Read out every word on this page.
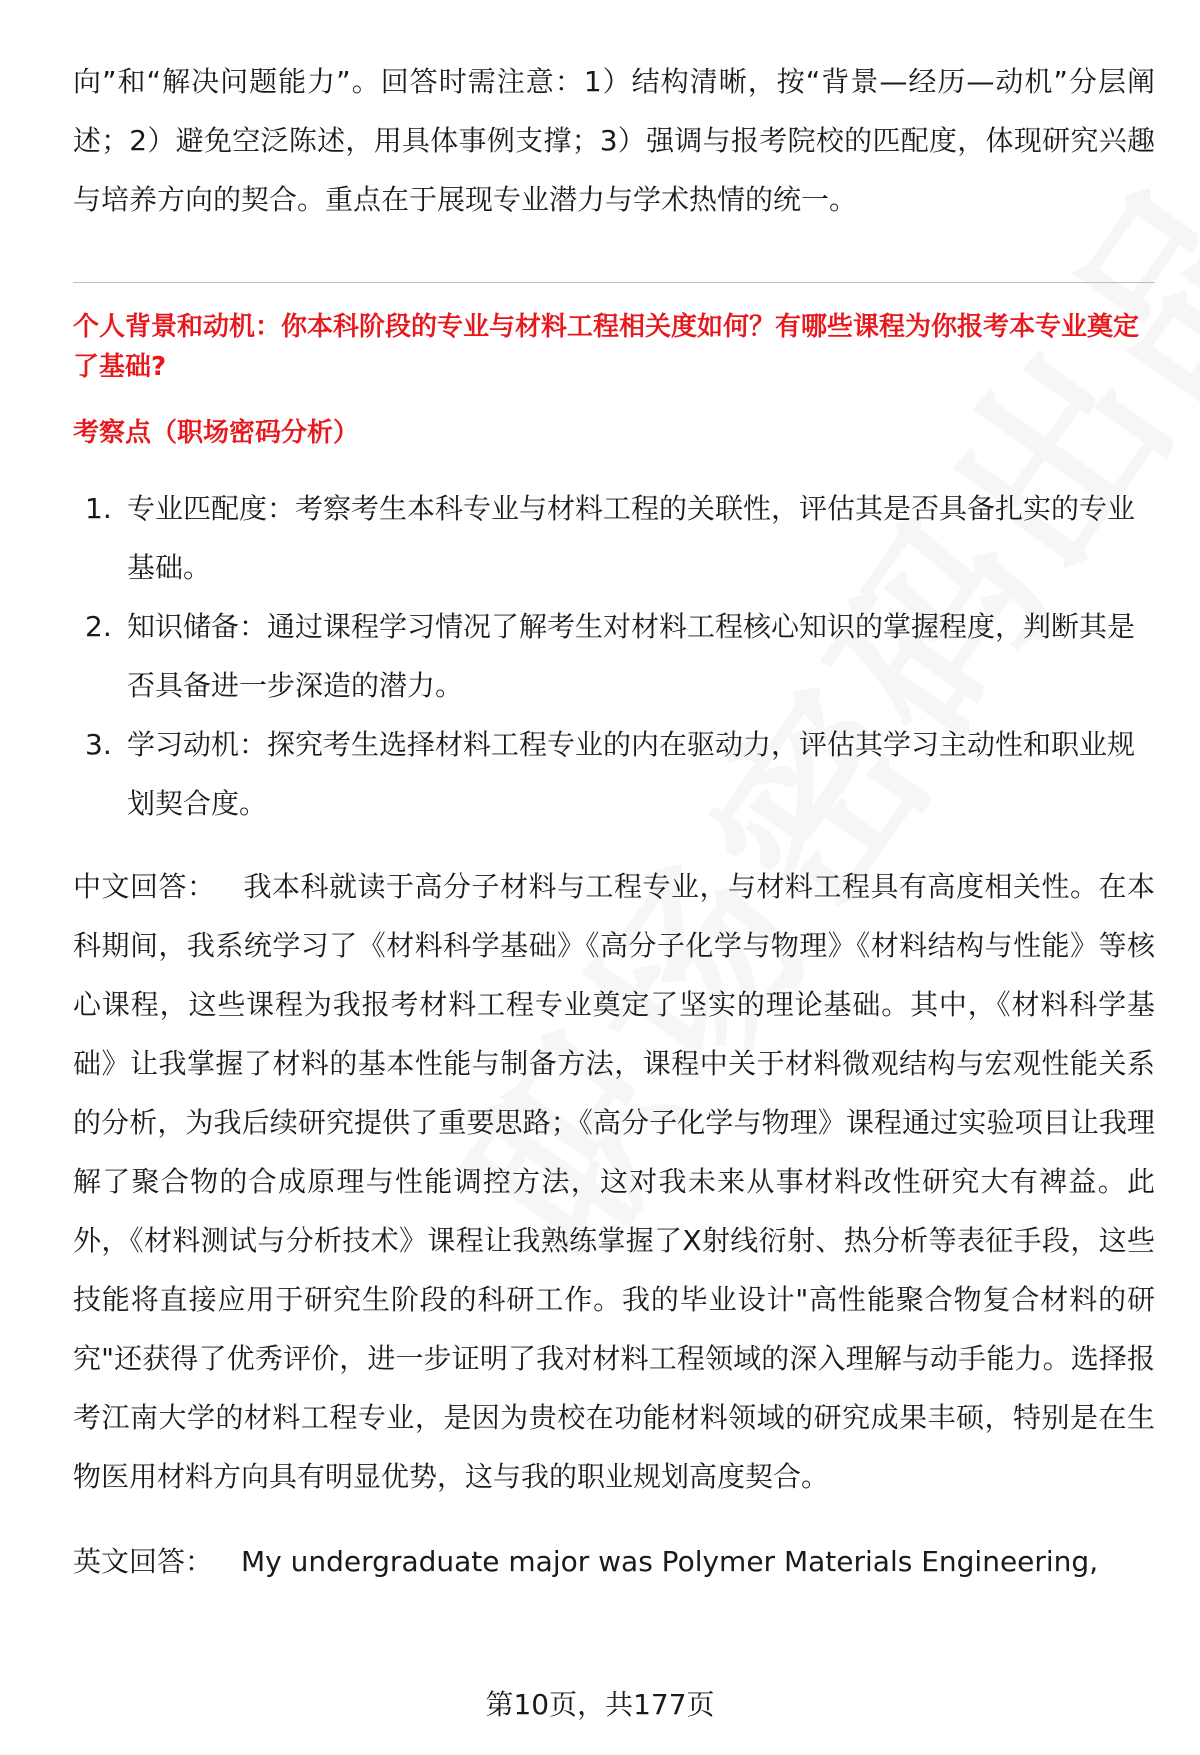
向”和“解决问题能力”。回答时需注意：1）结构清晰，按“背景—经历—动机”分层阐述；2）避免空泛陈述，用具体事例支撑；3）强调与报考院校的匹配度，体现研究兴趣与培养方向的契合。重点在于展现专业潜力与学术热情的统一。

个人背景和动机：你本科阶段的专业与材料工程相关度如何？有哪些课程为你报考本专业奠定了基础?

考察点（职场密码分析）

1. 专业匹配度：考察考生本科专业与材料工程的关联性，评估其是否具备扎实的专业基础。
2. 知识储备：通过课程学习情况了解考生对材料工程核心知识的掌握程度，判断其是否具备进一步深造的潜力。
3. 学习动机：探究考生选择材料工程专业的内在驱动力，评估其学习主动性和职业规划契合度。

中文回答： 我本科就读于高分子材料与工程专业，与材料工程具有高度相关性。在本科期间，我系统学习了《材料科学基础》《高分子化学与物理》《材料结构与性能》等核心课程，这些课程为我报考材料工程专业奠定了坚实的理论基础。其中，《材料科学基础》让我掌握了材料的基本性能与制备方法，课程中关于材料微观结构与宏观性能关系的分析，为我后续研究提供了重要思路；《高分子化学与物理》课程通过实验项目让我理解了聚合物的合成原理与性能调控方法，这对我未来从事材料改性研究大有裨益。此外，《材料测试与分析技术》课程让我熟练掌握了X射线衍射、热分析等表征手段，这些技能将直接应用于研究生阶段的科研工作。我的毕业设计"高性能聚合物复合材料的研究"还获得了优秀评价，进一步证明了我对材料工程领域的深入理解与动手能力。选择报考江南大学的材料工程专业，是因为贵校在功能材料领域的研究成果丰硕，特别是在生物医用材料方向具有明显优势，这与我的职业规划高度契合。

英文回答： My undergraduate major was Polymer Materials Engineering,

第10页，共177页
